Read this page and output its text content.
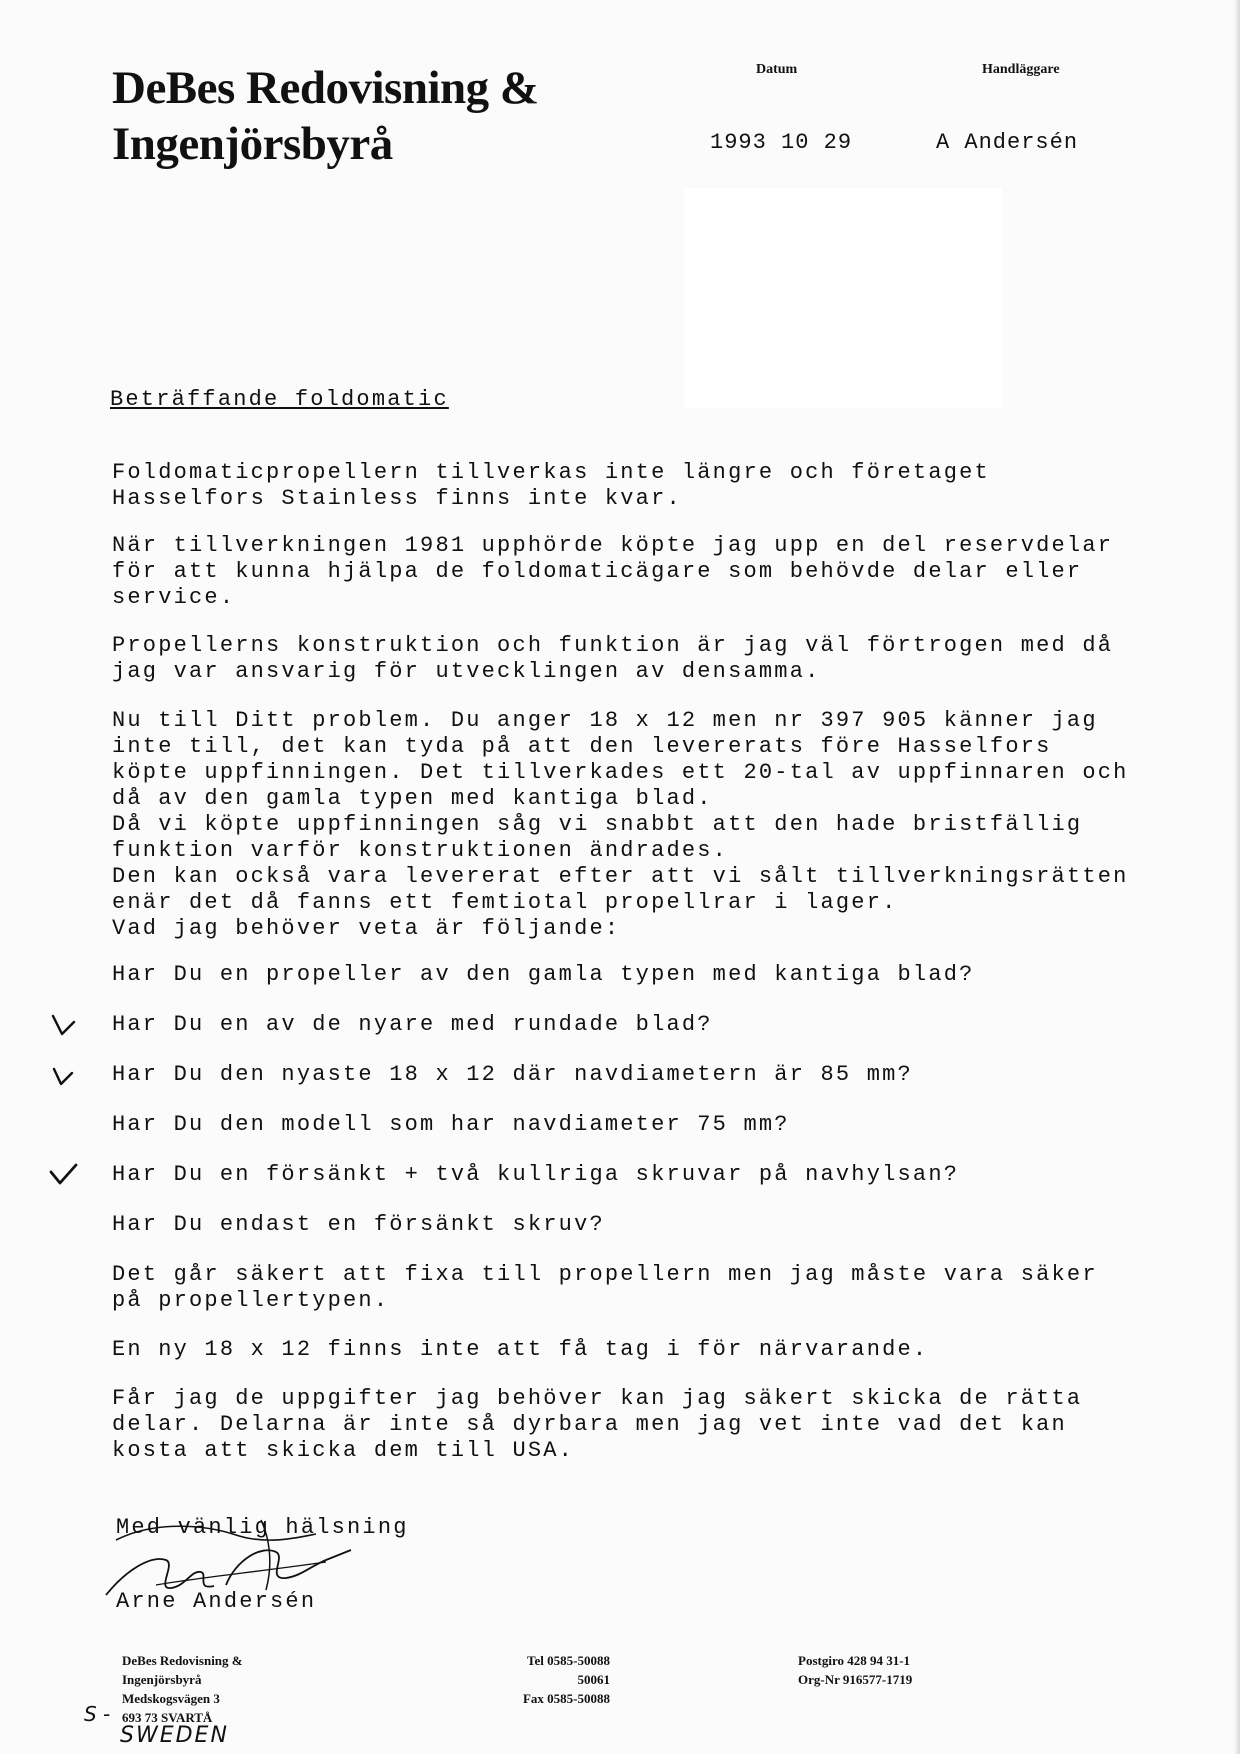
DeBes Redovisning &
Ingenjörsbyrå
Datum	Handläggare
1993 10 29	A Andersén
Beträffande foldomatic
Foldomaticpropellern tillverkas inte längre och företaget
Hasselfors Stainless finns inte kvar.
När tillverkningen 1981 upphörde köpte jag upp en del reservdelar
för att kunna hjälpa de foldomaticägare som behövde delar eller
service.
Propellerns konstruktion och funktion är jag väl förtrogen med då
jag var ansvarig för utvecklingen av densamma.
Nu till Ditt problem. Du anger 18 x 12 men nr 397 905 känner jag
inte till, det kan tyda på att den levererats före Hasselfors
köpte uppfinningen. Det tillverkades ett 20-tal av uppfinnaren och
då av den gamla typen med kantiga blad.
Då vi köpte uppfinningen såg vi snabbt att den hade bristfällig
funktion varför konstruktionen ändrades.
Den kan också vara levererat efter att vi sålt tillverkningsrätten
enär det då fanns ett femtiotal propellrar i lager.
Vad jag behöver veta är följande:
Har Du en propeller av den gamla typen med kantiga blad?
Har Du en av de nyare med rundade blad?
Har Du den nyaste 18 x 12 där navdiametern är 85 mm?
Har Du den modell som har navdiameter 75 mm?
Har Du en försänkt + två kullriga skruvar på navhylsan?
Har Du endast en försänkt skruv?
Det går säkert att fixa till propellern men jag måste vara säker
på propellertypen.
En ny 18 x 12 finns inte att få tag i för närvarande.
Får jag de uppgifter jag behöver kan jag säkert skicka de rätta
delar. Delarna är inte så dyrbara men jag vet inte vad det kan
kosta att skicka dem till USA.
Med vänlig hälsning
Arne Andersén
DeBes Redovisning &
Ingenjörsbyrå
Medskogsvägen 3
693 73 SVARTÅ
Tel 0585-50088
50061
Fax 0585-50088
Postgiro 428 94 31-1
Org-Nr 916577-1719
S -
SWEDEN
